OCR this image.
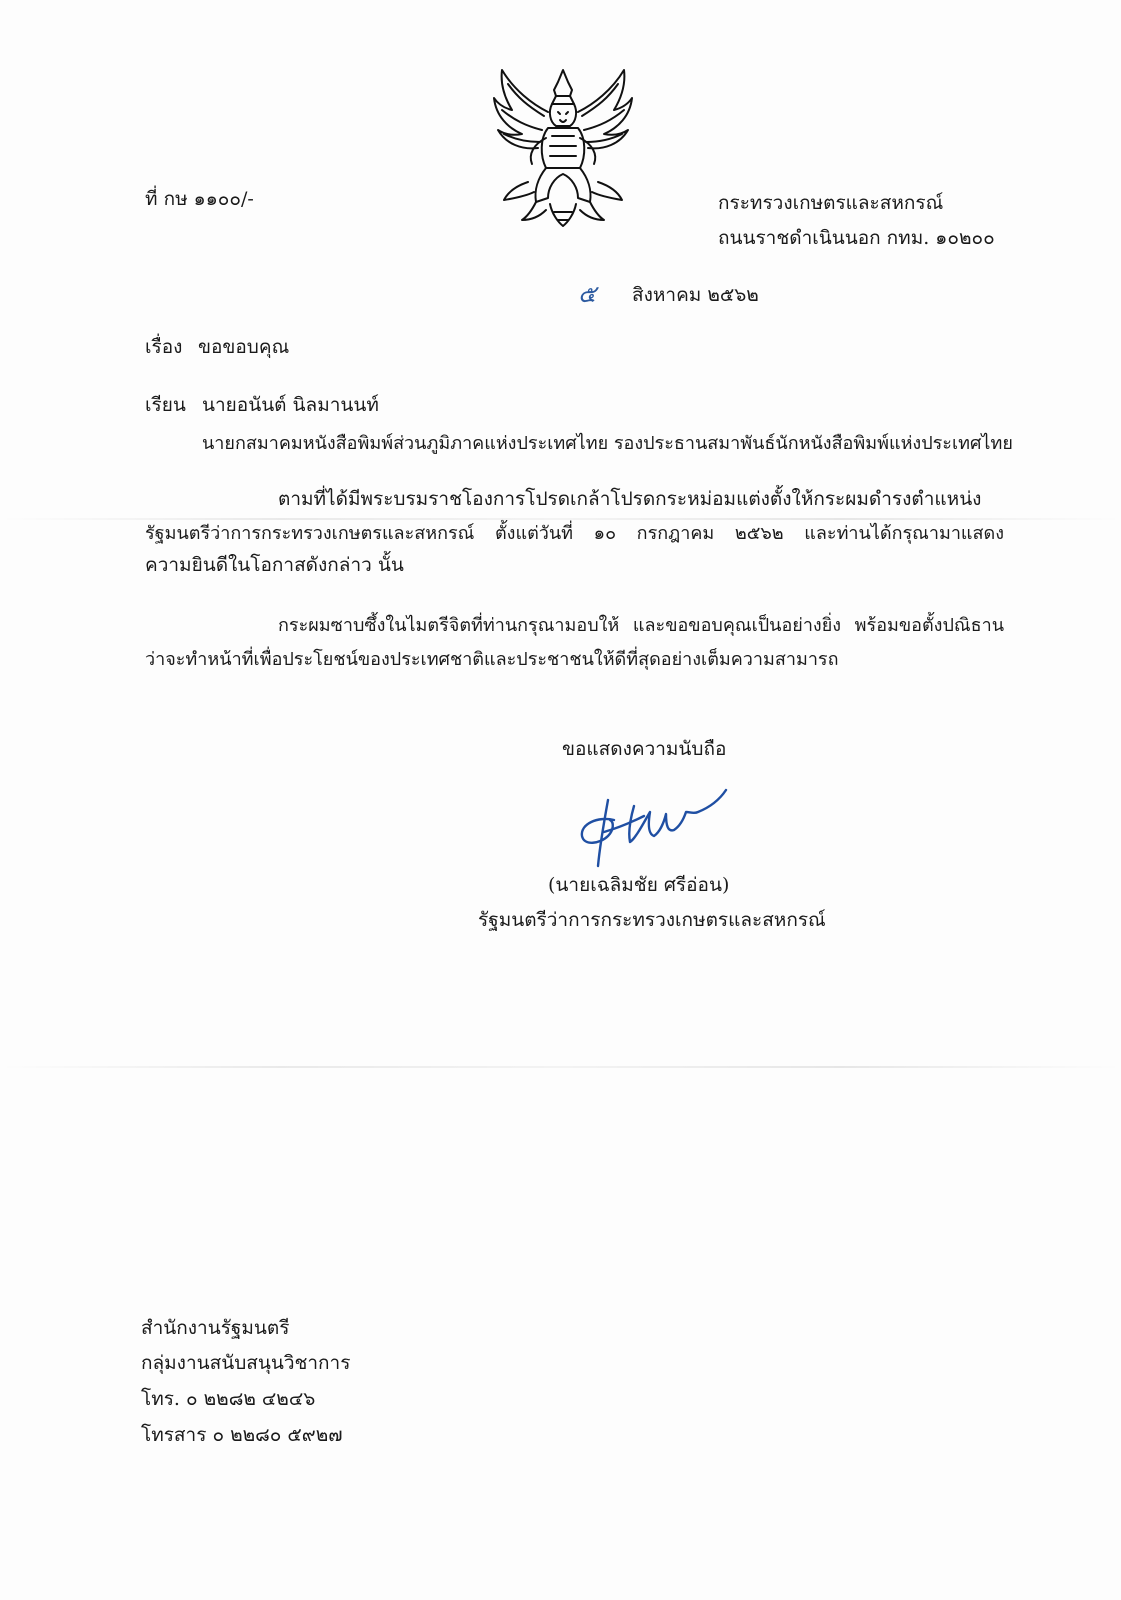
ที่ กษ ๑๑๐๐/-	กระทรวงเกษตรและสหกรณ์
ถนนราชดำเนินนอก กทม. ๑๐๒๐๐
๕ สิงหาคม ๒๕๖๒
เรื่อง ขอขอบคุณ
เรียน นายอนันต์ นิลมานนท์
นายกสมาคมหนังสือพิมพ์ส่วนภูมิภาคแห่งประเทศไทย รองประธานสมาพันธ์นักหนังสือพิมพ์แห่งประเทศไทย
ตามที่ได้มีพระบรมราชโองการโปรดเกล้าโปรดกระหม่อมแต่งตั้งให้กระผมดำรงตำแหน่ง
รัฐมนตรีว่าการกระทรวงเกษตรและสหกรณ์ ตั้งแต่วันที่ ๑๐ กรกฎาคม ๒๕๖๒ และท่านได้กรุณามาแสดง
ความยินดีในโอกาสดังกล่าว นั้น
กระผมซาบซึ้งในไมตรีจิตที่ท่านกรุณามอบให้ และขอขอบคุณเป็นอย่างยิ่ง พร้อมขอตั้งปณิธาน
ว่าจะทำหน้าที่เพื่อประโยชน์ของประเทศชาติและประชาชนให้ดีที่สุดอย่างเต็มความสามารถ
ขอแสดงความนับถือ
(นายเฉลิมชัย ศรีอ่อน)
รัฐมนตรีว่าการกระทรวงเกษตรและสหกรณ์
สำนักงานรัฐมนตรี
กลุ่มงานสนับสนุนวิชาการ
โทร. ๐ ๒๒๘๒ ๔๒๔๖
โทรสาร ๐ ๒๒๘๐ ๕๙๒๗
